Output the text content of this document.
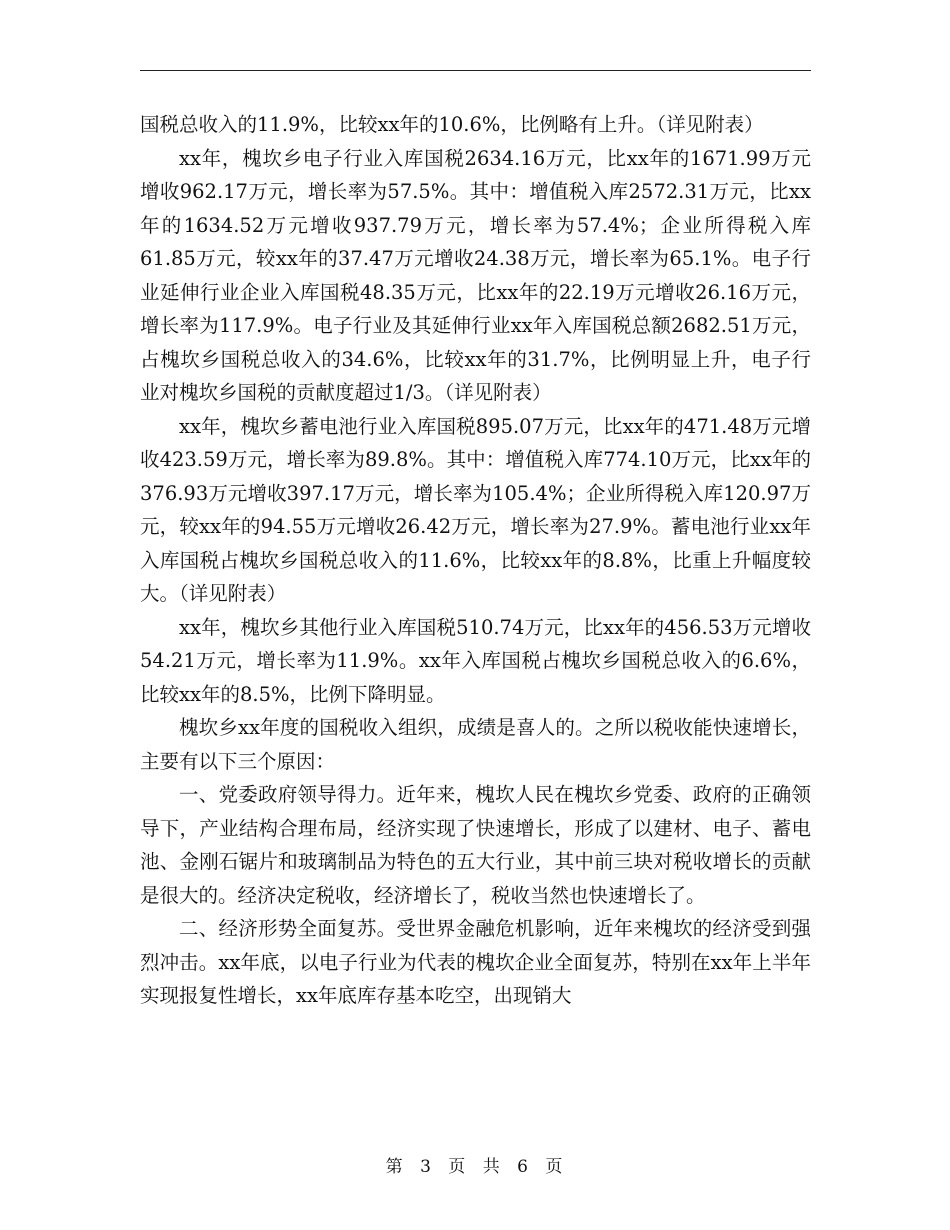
国税总收入的11.9%，比较xx年的10.6%，比例略有上升。（详见附表）

xx年，槐坎乡电子行业入库国税2634.16万元，比xx年的1671.99万元增收962.17万元，增长率为57.5%。其中：增值税入库2572.31万元，比xx年的1634.52万元增收937.79万元，增长率为57.4%；企业所得税入库61.85万元，较xx年的37.47万元增收24.38万元，增长率为65.1%。电子行业延伸行业企业入库国税48.35万元，比xx年的22.19万元增收26.16万元，增长率为117.9%。电子行业及其延伸行业xx年入库国税总额2682.51万元，占槐坎乡国税总收入的34.6%，比较xx年的31.7%，比例明显上升，电子行业对槐坎乡国税的贡献度超过1/3。（详见附表）

xx年，槐坎乡蓄电池行业入库国税895.07万元，比xx年的471.48万元增收423.59万元，增长率为89.8%。其中：增值税入库774.10万元，比xx年的376.93万元增收397.17万元，增长率为105.4%；企业所得税入库120.97万元，较xx年的94.55万元增收26.42万元，增长率为27.9%。蓄电池行业xx年入库国税占槐坎乡国税总收入的11.6%，比较xx年的8.8%，比重上升幅度较大。（详见附表）

xx年，槐坎乡其他行业入库国税510.74万元，比xx年的456.53万元增收54.21万元，增长率为11.9%。xx年入库国税占槐坎乡国税总收入的6.6%，比较xx年的8.5%，比例下降明显。

槐坎乡xx年度的国税收入组织，成绩是喜人的。之所以税收能快速增长，主要有以下三个原因：

一、党委政府领导得力。近年来，槐坎人民在槐坎乡党委、政府的正确领导下，产业结构合理布局，经济实现了快速增长，形成了以建材、电子、蓄电池、金刚石锯片和玻璃制品为特色的五大行业，其中前三块对税收增长的贡献是很大的。经济决定税收，经济增长了，税收当然也快速增长了。

二、经济形势全面复苏。受世界金融危机影响，近年来槐坎的经济受到强烈冲击。xx年底，以电子行业为代表的槐坎企业全面复苏，特别在xx年上半年实现报复性增长，xx年底库存基本吃空，出现销大

第 3 页 共 6 页
